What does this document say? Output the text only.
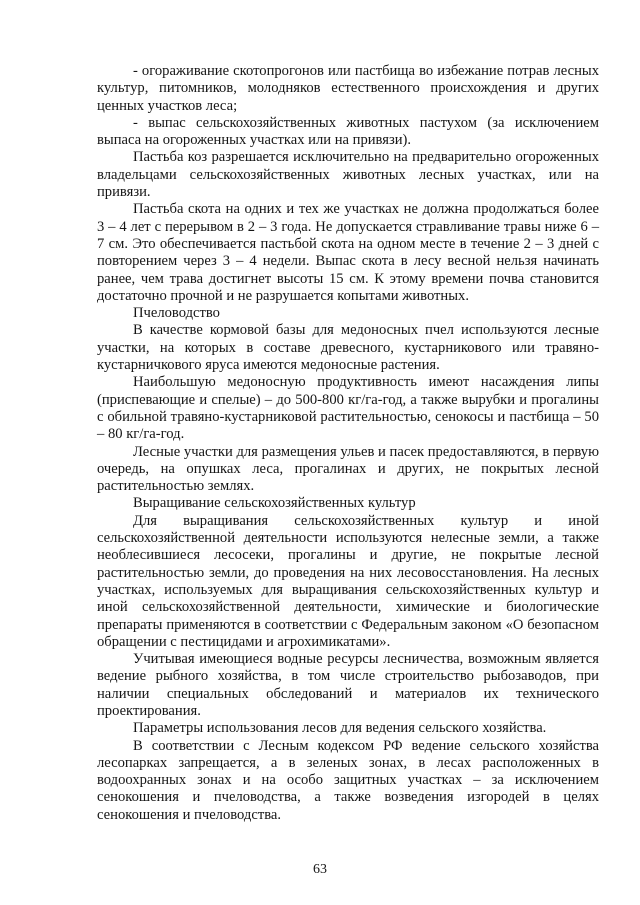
- огораживание скотопрогонов или пастбища во избежание потрав лесных культур, питомников, молодняков естественного происхождения и других ценных участков леса;

- выпас сельскохозяйственных животных пастухом (за исключением выпаса на огороженных участках или на привязи).

Пастьба коз разрешается исключительно на предварительно огороженных владельцами сельскохозяйственных животных лесных участках, или на привязи.

Пастьба скота на одних и тех же участках не должна продолжаться более 3 – 4 лет с перерывом в 2 – 3 года. Не допускается стравливание травы ниже 6 – 7 см. Это обеспечивается пастьбой скота на одном месте в течение 2 – 3 дней с повторением через 3 – 4 недели. Выпас скота в лесу весной нельзя начинать ранее, чем трава достигнет высоты 15 см. К этому времени почва становится достаточно прочной и не разрушается копытами животных.

Пчеловодство

В качестве кормовой базы для медоносных пчел используются лесные участки, на которых в составе древесного, кустарникового или травяно-кустарничкового яруса имеются медоносные растения.

Наибольшую медоносную продуктивность имеют насаждения липы (приспевающие и спелые) – до 500-800 кг/га-год, а также вырубки и прогалины с обильной травяно-кустарниковой растительностью, сенокосы и пастбища – 50 – 80 кг/га-год.

Лесные участки для размещения ульев и пасек предоставляются, в первую очередь, на опушках леса, прогалинах и других, не покрытых лесной растительностью землях.

Выращивание сельскохозяйственных культур

Для выращивания сельскохозяйственных культур и иной сельскохозяйственной деятельности используются нелесные земли, а также необлесившиеся лесосеки, прогалины и другие, не покрытые лесной растительностью земли, до проведения на них лесовосстановления. На лесных участках, используемых для выращивания сельскохозяйственных культур и иной сельскохозяйственной деятельности, химические и биологические препараты применяются в соответствии с Федеральным законом «О безопасном обращении с пестицидами и агрохимикатами».

Учитывая имеющиеся водные ресурсы лесничества, возможным является ведение рыбного хозяйства, в том числе строительство рыбозаводов, при наличии специальных обследований и материалов их технического проектирования.

Параметры использования лесов для ведения сельского хозяйства.

В соответствии с Лесным кодексом РФ ведение сельского хозяйства лесопарках запрещается, а в зеленых зонах, в лесах расположенных в водоохранных зонах и на особо защитных участках – за исключением сенокошения и пчеловодства, а также возведения изгородей в целях сенокошения и пчеловодства.

63
